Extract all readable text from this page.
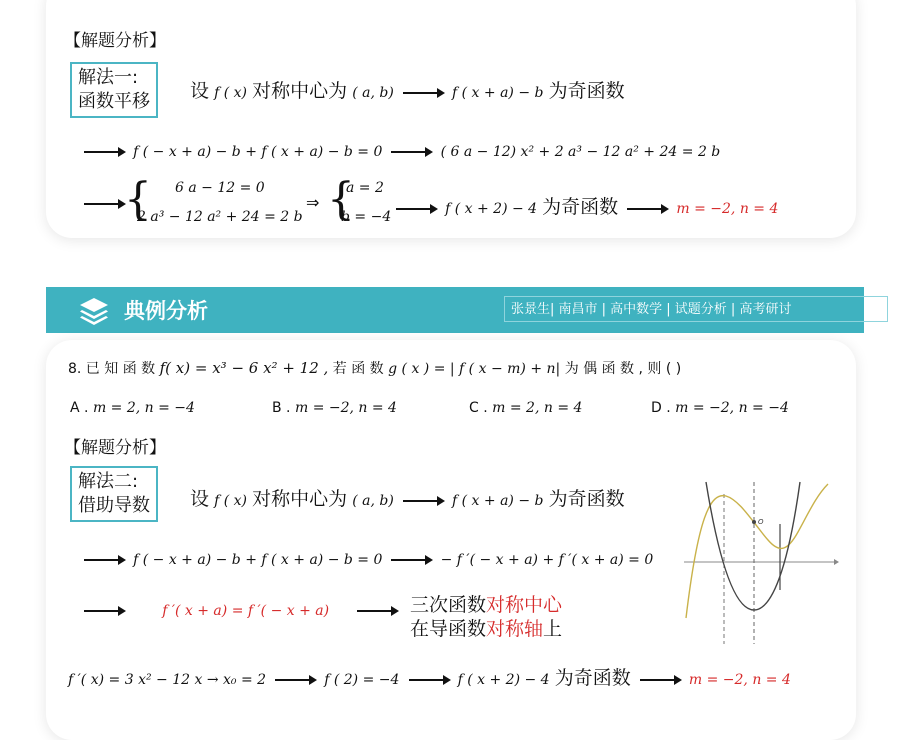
【解题分析】
解法一:
函数平移 设 f ( x) 对称中心为 ( a, b)	f ( x + a) − b 为奇函数
f ( − x + a) − b + f ( x + a) − b = 0	( 6 a − 12) x² + 2 a³ − 12 a² + 24 = 2 b
{ 6 a − 12 = 0
2 a³ − 12 a² + 24 = 2 b
⇒ {
a = 2
b = −4	f ( x + 2) − 4 为奇函数	m = −2, n = 4
典例分析	张景生| 南昌市 | 高中数学 | 试题分析 | 高考研讨
8. 已 知 函 数 f( x) = x³ − 6 x² + 12 , 若 函 数 g ( x ) = | f ( x − m) + n| 为 偶 函 数 , 则 ( )
A . m = 2, n = −4	B . m = −2, n = 4	C . m = 2, n = 4	D . m = −2, n = −4
【解题分析】
解法二:
借助导数 设 f ( x) 对称中心为 ( a, b)	f ( x + a) − b 为奇函数
f ( − x + a) − b + f ( x + a) − b = 0	− f ′( − x + a) + f ′( x + a) = 0
f ′( x + a) = f ′( − x + a)	三次函数对称中心
在导函数对称轴上
f ′( x) = 3 x² − 12 x → x₀ = 2	f ( 2) = −4	f ( x + 2) − 4 为奇函数	m = −2, n = 4
O
